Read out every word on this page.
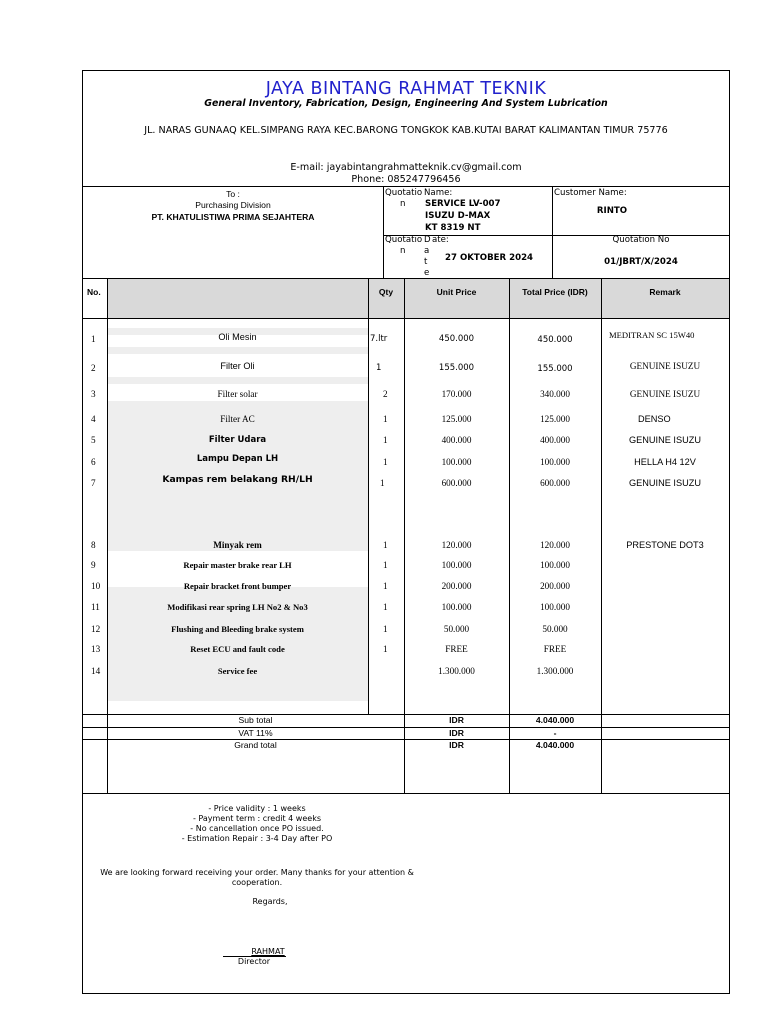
JAYA BINTANG RAHMAT TEKNIK
General Inventory, Fabrication, Design, Engineering And System Lubrication
JL. NARAS GUNAAQ KEL.SIMPANG RAYA KEC.BARONG TONGKOK KAB.KUTAI BARAT KALIMANTAN TIMUR 75776
E-mail: jayabintangrahmatteknik.cv@gmail.com
Phone: 085247796456
To :
Purchasing Division
PT. KHATULISTIWA PRIMA SEJAHTERA
Quotatio
n
Name:
SERVICE LV-007
ISUZU D-MAX
KT 8319 NT
Customer Name:
RINTO
Quotatio
n
D ate:
a
t
e
27 OKTOBER 2024
Quotation No
01/JBRT/X/2024
No.	Qty	Unit Price	Total Price (IDR)	Remark
1	Oli Mesin	7.ltr	450.000	450.000	MEDITRAN SC 15W40
2	Filter Oli	1	155.000	155.000	GENUINE ISUZU
3	Filter solar	2	170.000	340.000	GENUINE ISUZU
4	Filter AC	1	125.000	125.000	DENSO
5	Filter Udara	1	400.000	400.000	GENUINE ISUZU
6	Lampu Depan LH	1	100.000	100.000	HELLA H4 12V
7	Kampas rem belakang RH/LH	1	600.000	600.000	GENUINE ISUZU
8	Minyak rem	1	120.000	120.000	PRESTONE DOT3
9	Repair master brake rear LH	1	100.000	100.000
10	Repair bracket front bumper	1	200.000	200.000
11	Modifikasi rear spring LH No2 & No3	1	100.000	100.000
12	Flushing and Bleeding brake system	1	50.000	50.000
13	Reset ECU and fault code	1	FREE	FREE
14	Service fee	1.300.000	1.300.000
Sub total	IDR	4.040.000
VAT 11%	IDR	-
Grand total	IDR	4.040.000
- Price validity : 1 weeks
- Payment term : credit 4 weeks
- No cancellation once PO issued.
- Estimation Repair : 3-4 Day after PO
We are looking forward receiving your order. Many thanks for your attention &
cooperation.
Regards,
RAHMAT
Director
